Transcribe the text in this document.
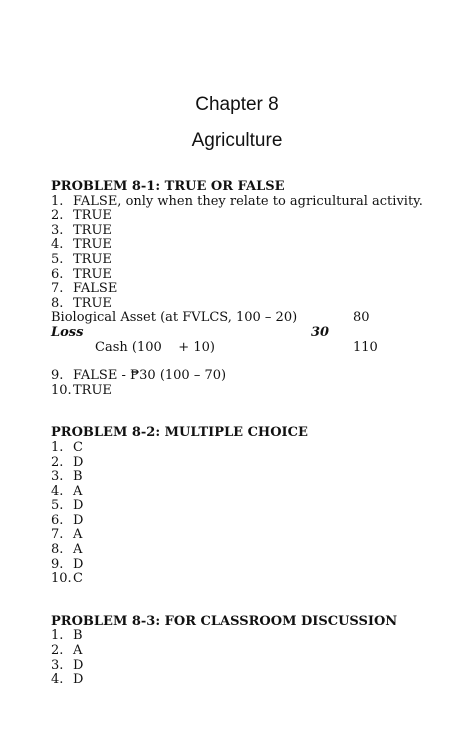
Chapter 8
Agriculture
PROBLEM 8-1: TRUE OR FALSE
1. FALSE, only when they relate to agricultural activity.
2. TRUE
3. TRUE
4. TRUE
5. TRUE
6. TRUE
7. FALSE
8. TRUE
Biological Asset (at FVLCS, 100 – 20)	80
Loss	30
Cash (100    + 10)	110
9. FALSE - ₱30 (100 – 70)
10. TRUE
PROBLEM 8-2: MULTIPLE CHOICE
1. C
2. D
3. B
4. A
5. D
6. D
7. A
8. A
9. D
10. C
PROBLEM 8-3: FOR CLASSROOM DISCUSSION
1. B
2. A
3. D
4. D
